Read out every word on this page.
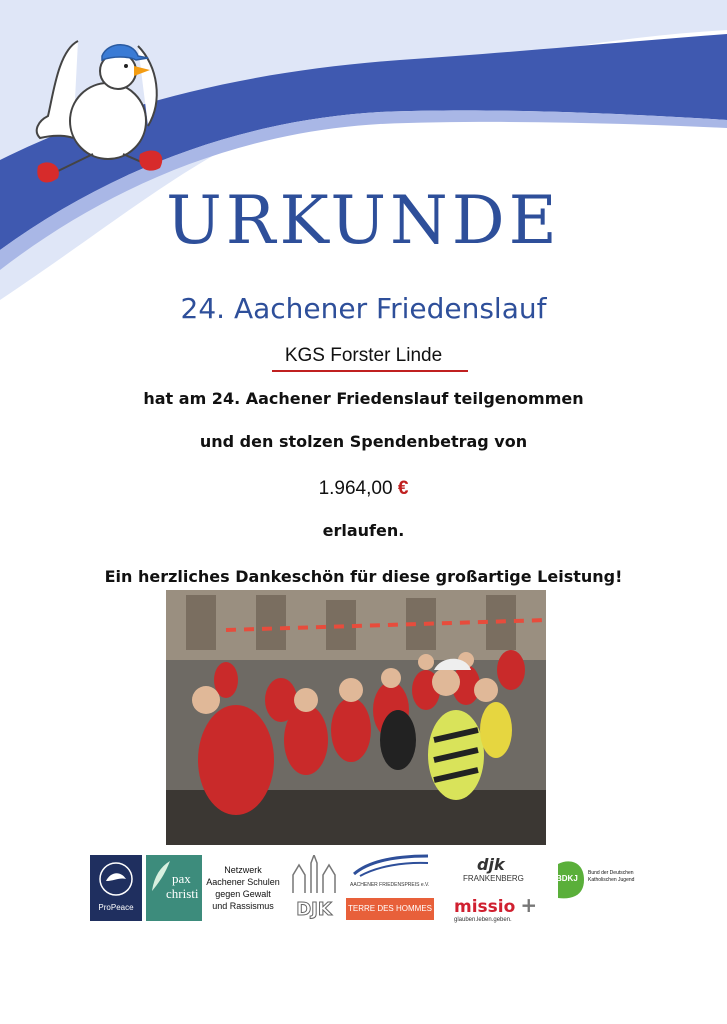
URKUNDE
24. Aachener Friedenslauf
KGS Forster Linde
hat am 24. Aachener Friedenslauf teilgenommen
und den stolzen Spendenbetrag von
1.964,00 €
erlaufen.
Ein herzliches Dankeschön für diese großartige Leistung!
ProPeace
pax
christi
Netzwerk
Aachener Schulen
gegen Gewalt
und Rassismus	DJK
AACHENER FRIEDENSPREIS e.V.
TERRE DES HOMMES
djk
FRANKENBERG
missio +
glauben.leben.geben.
BDKJ
Bund der Deutschen
Katholischen Jugend
